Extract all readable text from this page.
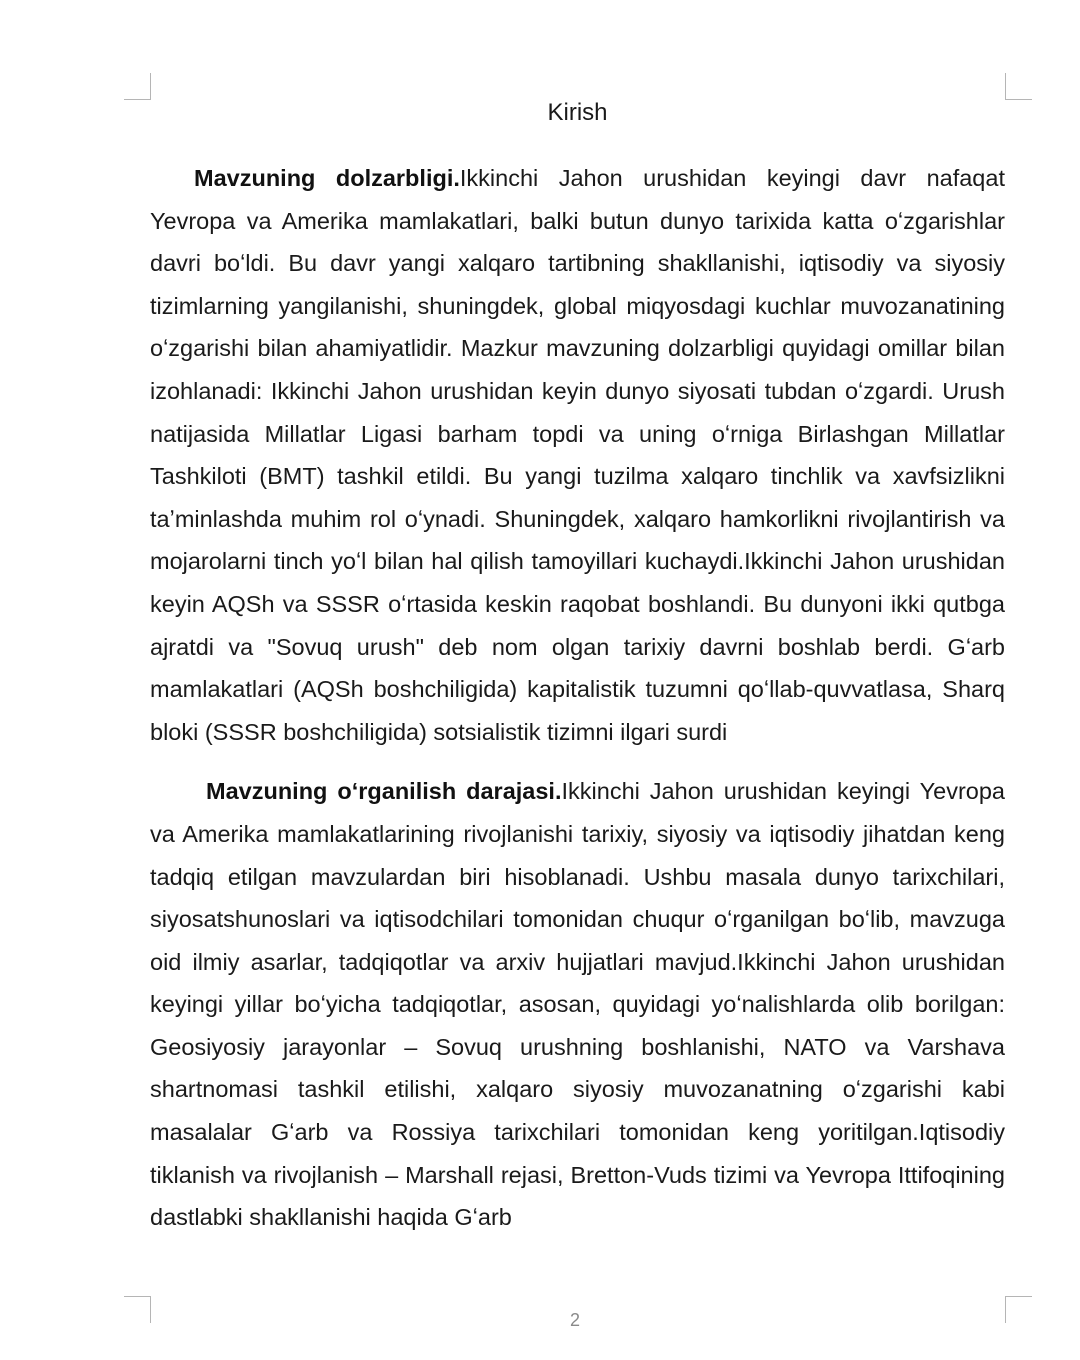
Kirish

Mavzuning dolzarbligi.Ikkinchi Jahon urushidan keyingi davr nafaqat Yevropa va Amerika mamlakatlari, balki butun dunyo tarixida katta oʻzgarishlar davri boʻldi. Bu davr yangi xalqaro tartibning shakllanishi, iqtisodiy va siyosiy tizimlarning yangilanishi, shuningdek, global miqyosdagi kuchlar muvozanatining oʻzgarishi bilan ahamiyatlidir. Mazkur mavzuning dolzarbligi quyidagi omillar bilan izohlanadi: Ikkinchi Jahon urushidan keyin dunyo siyosati tubdan oʻzgardi. Urush natijasida Millatlar Ligasi barham topdi va uning oʻrniga Birlashgan Millatlar Tashkiloti (BMT) tashkil etildi. Bu yangi tuzilma xalqaro tinchlik va xavfsizlikni taʼminlashda muhim rol oʻynadi. Shuningdek, xalqaro hamkorlikni rivojlantirish va mojarolarni tinch yoʻl bilan hal qilish tamoyillari kuchaydi.Ikkinchi Jahon urushidan keyin AQSh va SSSR oʻrtasida keskin raqobat boshlandi. Bu dunyoni ikki qutbga ajratdi va "Sovuq urush" deb nom olgan tarixiy davrni boshlab berdi. Gʻarb mamlakatlari (AQSh boshchiligida) kapitalistik tuzumni qoʻllab-quvvatlasa, Sharq bloki (SSSR boshchiligida) sotsialistik tizimni ilgari surdi

Mavzuning oʻrganilish darajasi.Ikkinchi Jahon urushidan keyingi Yevropa va Amerika mamlakatlarining rivojlanishi tarixiy, siyosiy va iqtisodiy jihatdan keng tadqiq etilgan mavzulardan biri hisoblanadi. Ushbu masala dunyo tarixchilari, siyosatshunoslari va iqtisodchilari tomonidan chuqur oʻrganilgan boʻlib, mavzuga oid ilmiy asarlar, tadqiqotlar va arxiv hujjatlari mavjud.Ikkinchi Jahon urushidan keyingi yillar boʻyicha tadqiqotlar, asosan, quyidagi yoʻnalishlarda olib borilgan: Geosiyosiy jarayonlar – Sovuq urushning boshlanishi, NATO va Varshava shartnomasi tashkil etilishi, xalqaro siyosiy muvozanatning oʻzgarishi kabi masalalar Gʻarb va Rossiya tarixchilari tomonidan keng yoritilgan.Iqtisodiy tiklanish va rivojlanish – Marshall rejasi, Bretton-Vuds tizimi va Yevropa Ittifoqining dastlabki shakllanishi haqida Gʻarb

2
